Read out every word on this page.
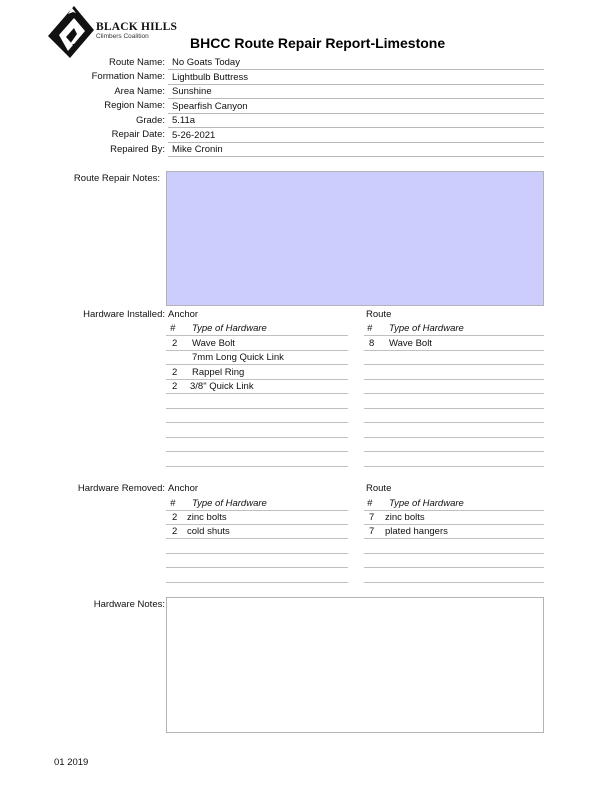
BLACK HILLS
Climbers Coalition	BHCC Route Repair Report-Limestone
Route Name: No Goats Today
Formation Name: Lightbulb Buttress
Area Name: Sunshine
Region Name: Spearfish Canyon
Grade: 5.11a
Repair Date: 5-26-2021
Repaired By: Mike Cronin
Route Repair Notes:
Hardware Installed: Anchor
# Type of Hardware
2 Wave Bolt
7mm Long Quick Link
2 Rappel Ring
2 3/8" Quick Link
Route
# Type of Hardware
8 Wave Bolt
Hardware Removed: Anchor
# Type of Hardware
2 zinc bolts
2 cold shuts
Route
# Type of Hardware
7 zinc bolts
7 plated hangers
Hardware Notes:
01 2019
